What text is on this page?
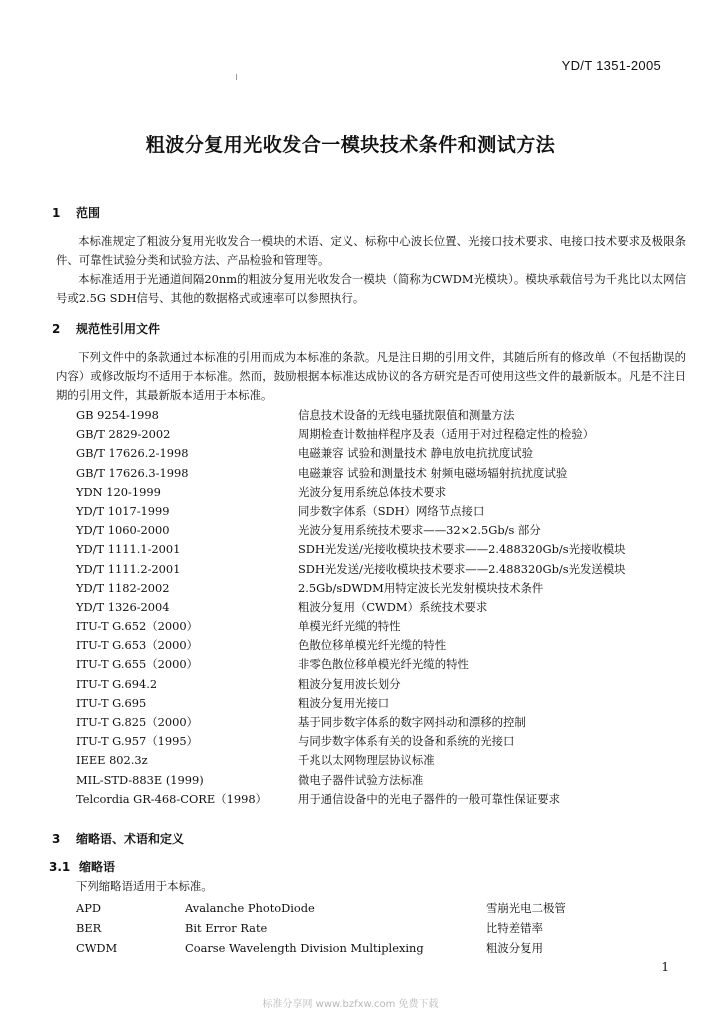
YD/T 1351-2005
粗波分复用光收发合一模块技术条件和测试方法
1 范围
本标准规定了粗波分复用光收发合一模块的术语、定义、标称中心波长位置、光接口技术要求、电接口技术要求及极限条件、可靠性试验分类和试验方法、产品检验和管理等。
本标准适用于光通道间隔20nm的粗波分复用光收发合一模块（简称为CWDM光模块）。模块承载信号为千兆比以太网信号或2.5G SDH信号、其他的数据格式或速率可以参照执行。
2 规范性引用文件
下列文件中的条款通过本标准的引用而成为本标准的条款。凡是注日期的引用文件，其随后所有的修改单（不包括勘误的内容）或修改版均不适用于本标准。然而，鼓励根据本标准达成协议的各方研究是否可使用这些文件的最新版本。凡是不注日期的引用文件，其最新版本适用于本标准。
GB 9254-1998	信息技术设备的无线电骚扰限值和测量方法
GB/T 2829-2002	周期检查计数抽样程序及表（适用于对过程稳定性的检验）
GB/T 17626.2-1998	电磁兼容 试验和测量技术 静电放电抗扰度试验
GB/T 17626.3-1998	电磁兼容 试验和测量技术 射频电磁场辐射抗扰度试验
YDN 120-1999	光波分复用系统总体技术要求
YD/T 1017-1999	同步数字体系（SDH）网络节点接口
YD/T 1060-2000	光波分复用系统技术要求——32×2.5Gb/s 部分
YD/T 1111.1-2001	SDH光发送/光接收模块技术要求——2.488320Gb/s光接收模块
YD/T 1111.2-2001	SDH光发送/光接收模块技术要求——2.488320Gb/s光发送模块
YD/T 1182-2002	2.5Gb/sDWDM用特定波长光发射模块技术条件
YD/T 1326-2004	粗波分复用（CWDM）系统技术要求
ITU-T G.652（2000）	单模光纤光缆的特性
ITU-T G.653（2000）	色散位移单模光纤光缆的特性
ITU-T G.655（2000）	非零色散位移单模光纤光缆的特性
ITU-T G.694.2	粗波分复用波长划分
ITU-T G.695	粗波分复用光接口
ITU-T G.825（2000）	基于同步数字体系的数字网抖动和漂移的控制
ITU-T G.957（1995）	与同步数字体系有关的设备和系统的光接口
IEEE 802.3z	千兆以太网物理层协议标准
MIL-STD-883E (1999)	微电子器件试验方法标准
Telcordia GR-468-CORE（1998）	用于通信设备中的光电子器件的一般可靠性保证要求
3 缩略语、术语和定义
3.1 缩略语
下列缩略语适用于本标准。
APD	Avalanche PhotoDiode	雪崩光电二极管
BER	Bit Error Rate	比特差错率
CWDM	Coarse Wavelength Division Multiplexing	粗波分复用
1
标准分享网 www.bzfxw.com 免费下载
